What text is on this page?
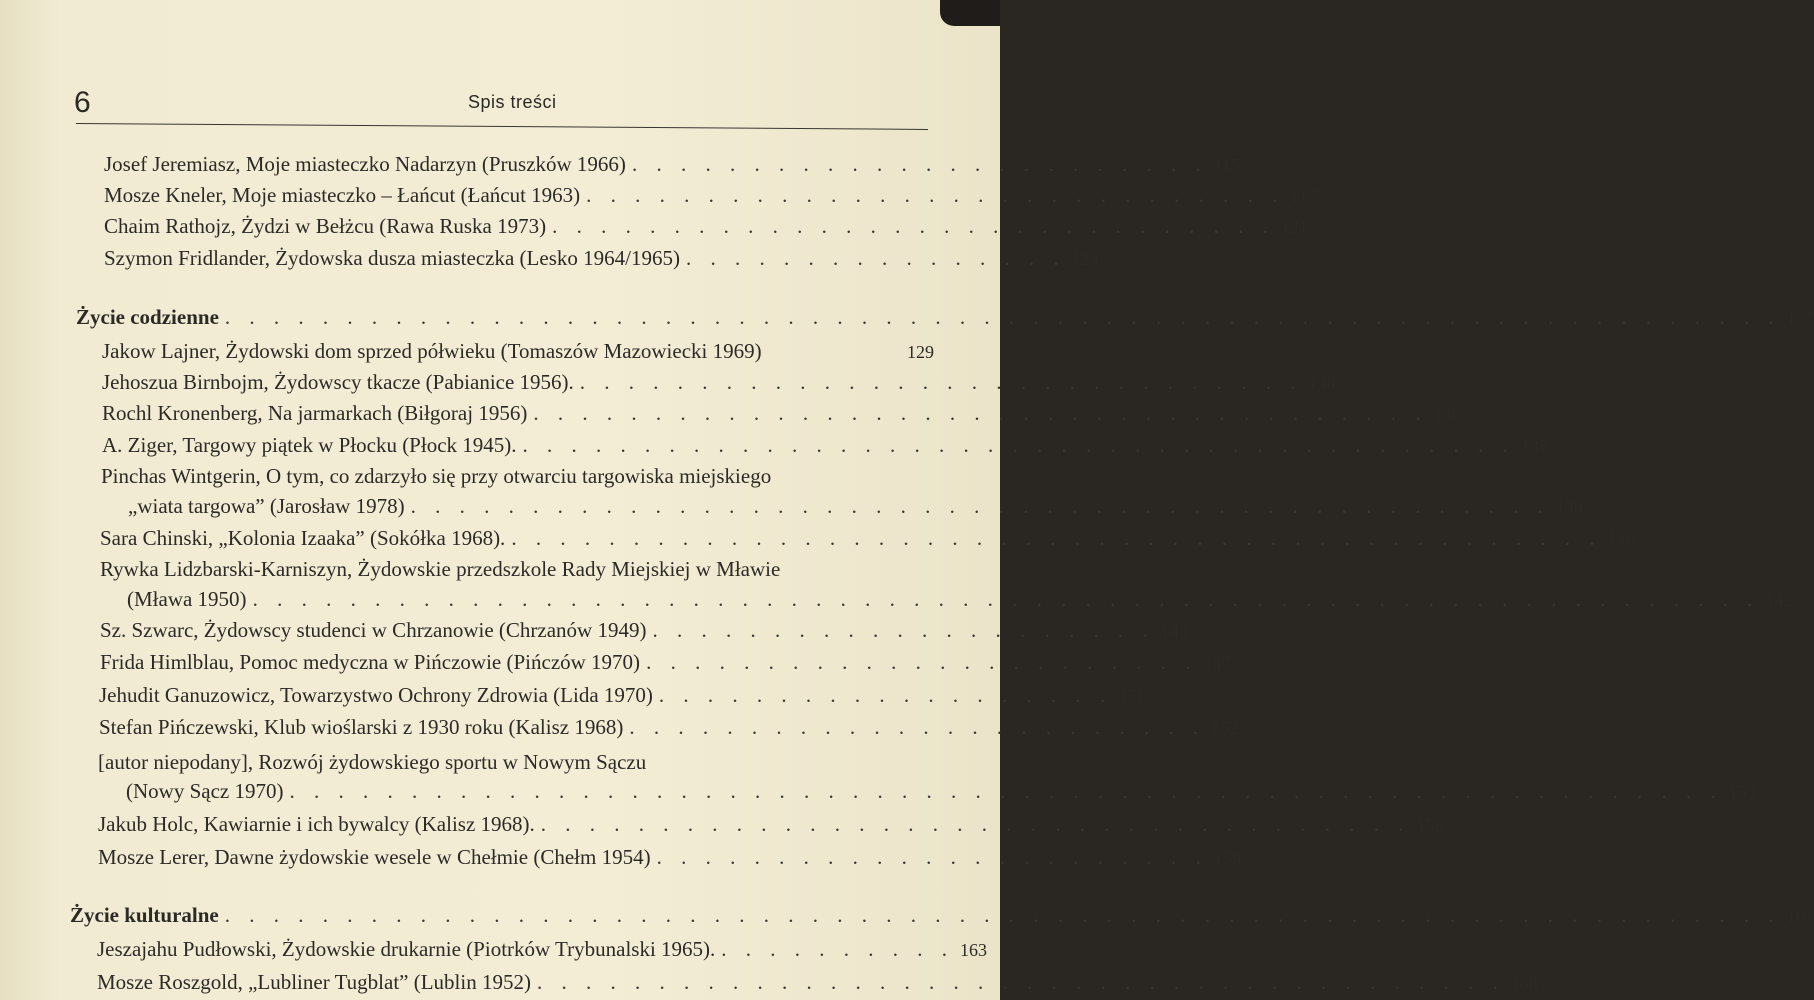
6	Spis treści
Josef Jeremiasz, Moje miasteczko Nadarzyn (Pruszków 1966) . . . . . . . . . . . . . . . . . . . . . . . . 115
Mosze Kneler, Moje miasteczko – Łańcut (Łańcut 1963) . . . . . . . . . . . . . . . . . . . . . . . . . . . . . 117
Chaim Rathojz, Żydzi w Bełżcu (Rawa Ruska 1973) . . . . . . . . . . . . . . . . . . . . . . . . . . . . . . 121
Szymon Fridlander, Żydowska dusza miasteczka (Lesko 1964/1965) . . . . . . . . . . . . . . . . 124
Życie codzienne . . . . . . . . . . . . . . . . . . . . . . . . . . . . . . . . . . . . . . . . . . . . . . . . . . . . . . . . . . . . . . . . 127
Jakow Lajner, Żydowski dom sprzed półwieku (Tomaszów Mazowiecki 1969)	129
Jehoszua Birnbojm, Żydowscy tkacze (Pabianice 1956). . . . . . . . . . . . . . . . . . . . . . . . . . . . . . . 130
Rochl Kronenberg, Na jarmarkach (Biłgoraj 1956) . . . . . . . . . . . . . . . . . . . . . . . . . . . . . . . . . . . . . 136
A. Ziger, Targowy piątek w Płocku (Płock 1945). . . . . . . . . . . . . . . . . . . . . . . . . . . . . . . . . . . . . . . . . . 137
Pinchas Wintgerin, O tym, co zdarzyło się przy otwarciu targowiska miejskiego
„wiata targowa” (Jarosław 1978) . . . . . . . . . . . . . . . . . . . . . . . . . . . . . . . . . . . . . . . . . . . . . . . 138
Sara Chinski, „Kolonia Izaaka” (Sokółka 1968). . . . . . . . . . . . . . . . . . . . . . . . . . . . . . . . . . . . . . . . . . . . . . 140
Rywka Lidzbarski-Karniszyn, Żydowskie przedszkole Rady Miejskiej w Mławie
(Mława 1950) . . . . . . . . . . . . . . . . . . . . . . . . . . . . . . . . . . . . . . . . . . . . . . . . . . . . . . . . . . . . . . 142
Sz. Szwarc, Żydowscy studenci w Chrzanowie (Chrzanów 1949) . . . . . . . . . . . . . . . . . . . . . 143
Frida Himlblau, Pomoc medyczna w Pińczowie (Pińczów 1970) . . . . . . . . . . . . . . . . . . . . . . . 147
Jehudit Ganuzowicz, Towarzystwo Ochrony Zdrowia (Lida 1970) . . . . . . . . . . . . . . . . . . . 151
Stefan Pińczewski, Klub wioślarski z 1930 roku (Kalisz 1968) . . . . . . . . . . . . . . . . . . . . . . . . 152
[autor niepodany], Rozwój żydowskiego sportu w Nowym Sączu
(Nowy Sącz 1970) . . . . . . . . . . . . . . . . . . . . . . . . . . . . . . . . . . . . . . . . . . . . . . . . . . . . . . . . . . . 153
Jakub Holc, Kawiarnie i ich bywalcy (Kalisz 1968). . . . . . . . . . . . . . . . . . . . . . . . . . . . . . . . . . . . . 156
Mosze Lerer, Dawne żydowskie wesele w Chełmie (Chełm 1954) . . . . . . . . . . . . . . . . . . . . . . . 159
Życie kulturalne . . . . . . . . . . . . . . . . . . . . . . . . . . . . . . . . . . . . . . . . . . . . . . . . . . . . . . . . . . . . . . . . 161
Jeszajahu Pudłowski, Żydowskie drukarnie (Piotrków Trybunalski 1965). . . . . . . . . . . 163
Mosze Roszgold, „Lubliner Tugblat” (Lublin 1952) . . . . . . . . . . . . . . . . . . . . . . . . . . . . . . . . . . . . . . . . 168
